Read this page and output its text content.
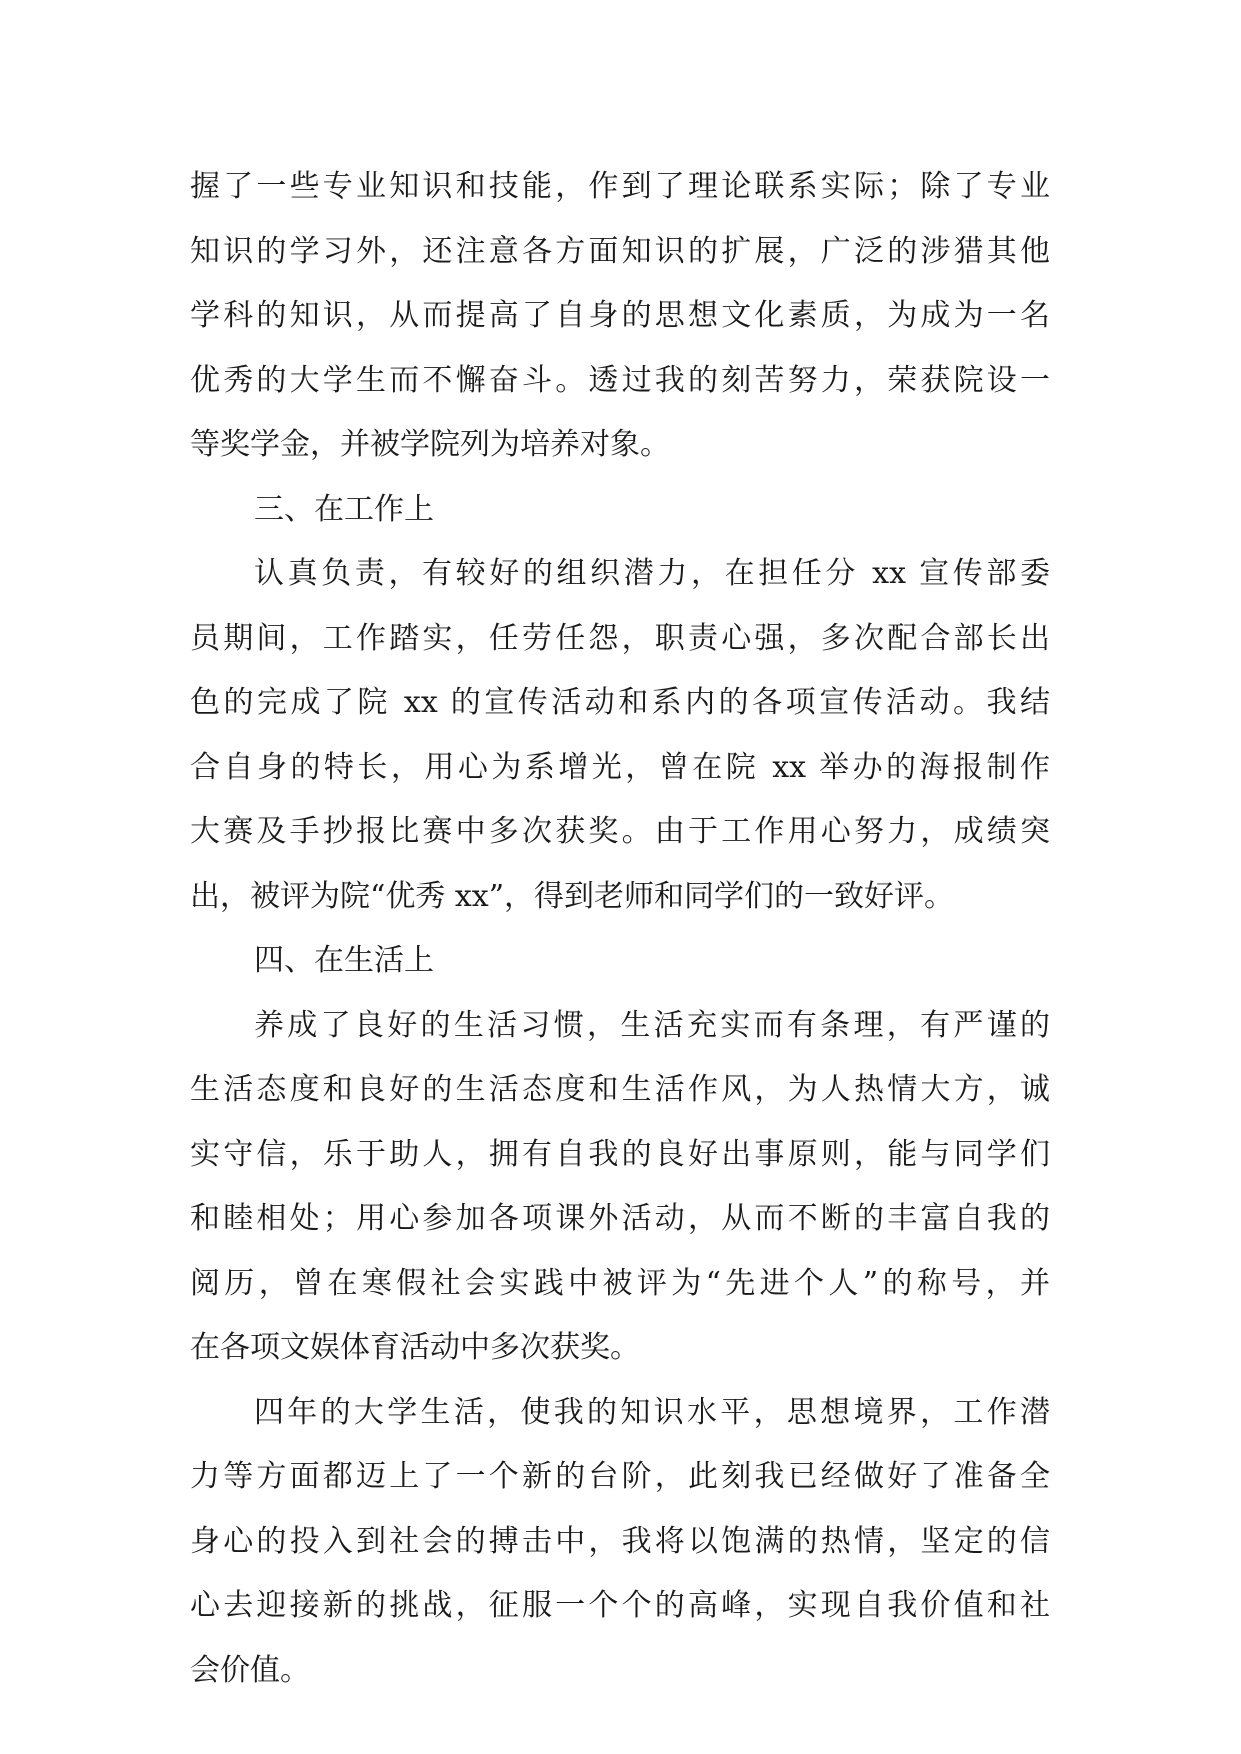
握了一些专业知识和技能，作到了理论联系实际；除了专业
知识的学习外，还注意各方面知识的扩展，广泛的涉猎其他
学科的知识，从而提高了自身的思想文化素质，为成为一名
优秀的大学生而不懈奋斗。透过我的刻苦努力，荣获院设一
等奖学金，并被学院列为培养对象。
三、在工作上
认真负责，有较好的组织潜力，在担任分 xx 宣传部委
员期间，工作踏实，任劳任怨，职责心强，多次配合部长出
色的完成了院 xx 的宣传活动和系内的各项宣传活动。我结
合自身的特长，用心为系增光，曾在院 xx 举办的海报制作
大赛及手抄报比赛中多次获奖。由于工作用心努力，成绩突
出，被评为院“优秀 xx”，得到老师和同学们的一致好评。
四、在生活上
养成了良好的生活习惯，生活充实而有条理，有严谨的
生活态度和良好的生活态度和生活作风，为人热情大方，诚
实守信，乐于助人，拥有自我的良好出事原则，能与同学们
和睦相处；用心参加各项课外活动，从而不断的丰富自我的
阅历，曾在寒假社会实践中被评为“先进个人”的称号，并
在各项文娱体育活动中多次获奖。
四年的大学生活，使我的知识水平，思想境界，工作潜
力等方面都迈上了一个新的台阶，此刻我已经做好了准备全
身心的投入到社会的搏击中，我将以饱满的热情，坚定的信
心去迎接新的挑战，征服一个个的高峰，实现自我价值和社
会价值。
